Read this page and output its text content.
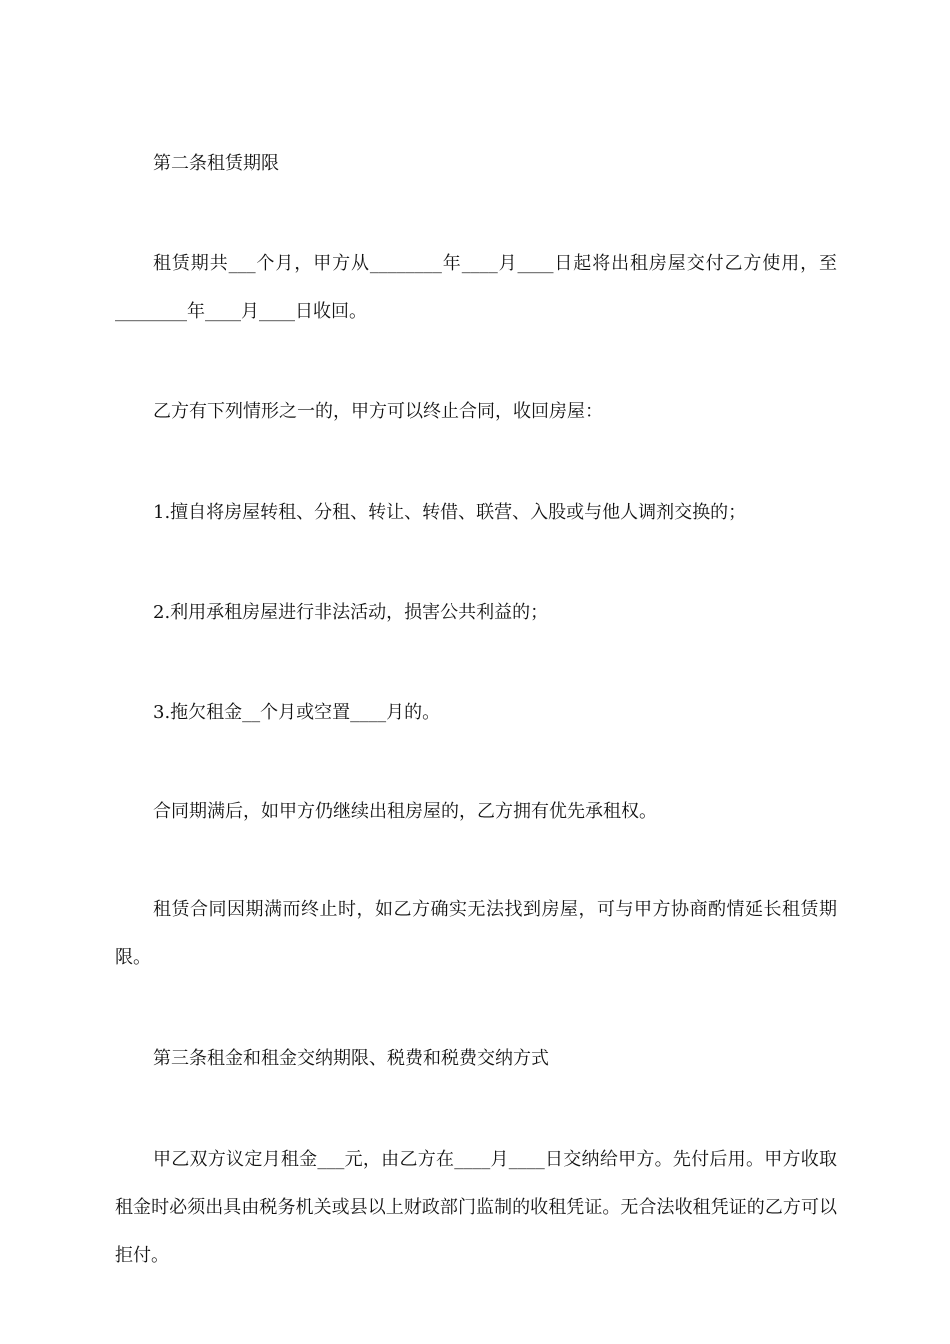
第二条租赁期限

租赁期共___个月，甲方从________年____月____日起将出租房屋交付乙方使用，至________年____月____日收回。

乙方有下列情形之一的，甲方可以终止合同，收回房屋：

1.擅自将房屋转租、分租、转让、转借、联营、入股或与他人调剂交换的；

2.利用承租房屋进行非法活动，损害公共利益的；

3.拖欠租金__个月或空置____月的。

合同期满后，如甲方仍继续出租房屋的，乙方拥有优先承租权。

租赁合同因期满而终止时，如乙方确实无法找到房屋，可与甲方协商酌情延长租赁期限。

第三条租金和租金交纳期限、税费和税费交纳方式

甲乙双方议定月租金___元，由乙方在____月____日交纳给甲方。先付后用。甲方收取租金时必须出具由税务机关或县以上财政部门监制的收租凭证。无合法收租凭证的乙方可以拒付。
